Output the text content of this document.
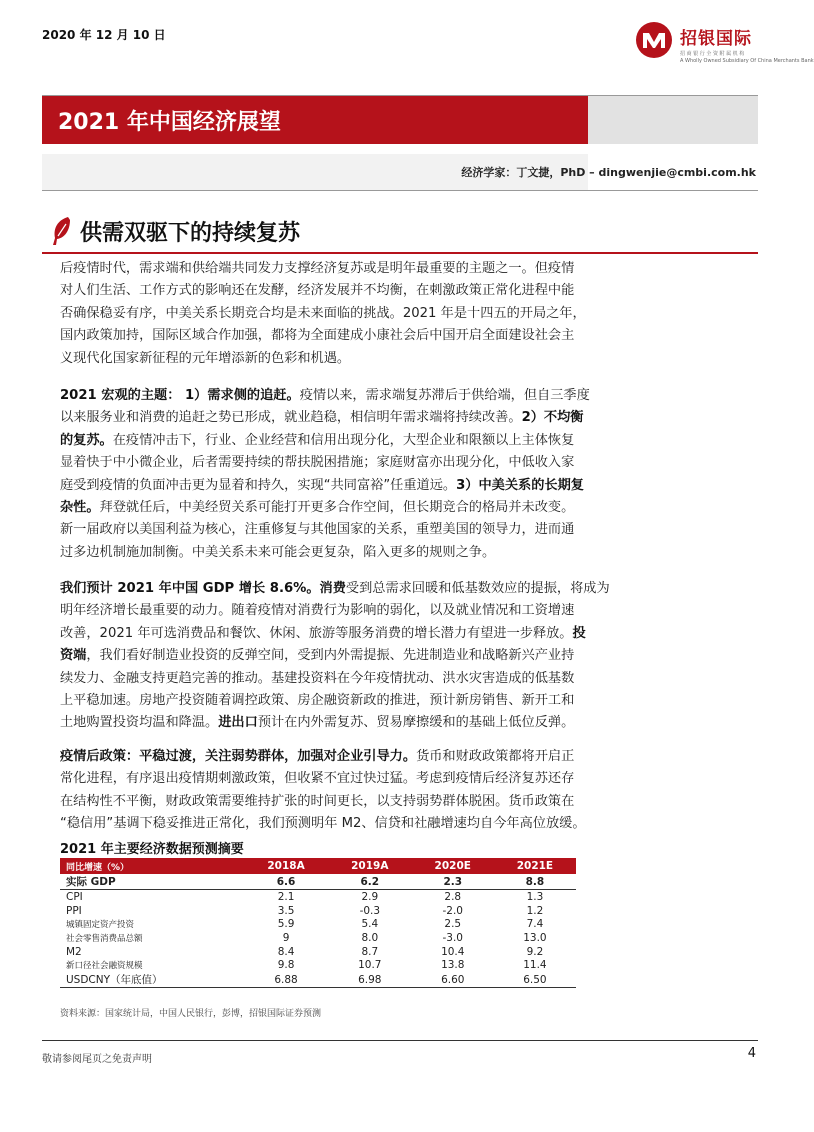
2020 年 12 月 10 日	招银国际
招 商 银 行 全 资 附 属 机 构
A Wholly Owned Subsidiary Of China Merchants Bank
2021 年中国经济展望
经济学家：丁文捷，PhD – dingwenjie@cmbi.com.hk
供需双驱下的持续复苏
后疫情时代，需求端和供给端共同发力支撑经济复苏或是明年最重要的主题之一。但疫情
对人们生活、工作方式的影响还在发酵，经济发展并不均衡，在刺激政策正常化进程中能
否确保稳妥有序，中美关系长期竞合均是未来面临的挑战。2021 年是十四五的开局之年，
国内政策加持，国际区域合作加强，都将为全面建成小康社会后中国开启全面建设社会主
义现代化国家新征程的元年增添新的色彩和机遇。
2021 宏观的主题： 1）需求侧的追赶。疫情以来，需求端复苏滞后于供给端，但自三季度
以来服务业和消费的追赶之势已形成，就业趋稳，相信明年需求端将持续改善。2）不均衡
的复苏。在疫情冲击下，行业、企业经营和信用出现分化，大型企业和限额以上主体恢复
显着快于中小微企业，后者需要持续的帮扶脱困措施；家庭财富亦出现分化，中低收入家
庭受到疫情的负面冲击更为显着和持久，实现“共同富裕”任重道远。3）中美关系的长期复
杂性。拜登就任后，中美经贸关系可能打开更多合作空间，但长期竞合的格局并未改变。
新一届政府以美国利益为核心，注重修复与其他国家的关系，重塑美国的领导力，进而通
过多边机制施加制衡。中美关系未来可能会更复杂，陷入更多的规则之争。
我们预计 2021 年中国 GDP 增长 8.6%。消费受到总需求回暖和低基数效应的提振，将成为
明年经济增长最重要的动力。随着疫情对消费行为影响的弱化，以及就业情况和工资增速
改善，2021 年可选消费品和餐饮、休闲、旅游等服务消费的增长潜力有望进一步释放。投
资端，我们看好制造业投资的反弹空间，受到内外需提振、先进制造业和战略新兴产业持
续发力、金融支持更趋完善的推动。基建投资料在今年疫情扰动、洪水灾害造成的低基数
上平稳加速。房地产投资随着调控政策、房企融资新政的推进，预计新房销售、新开工和
土地购置投资均温和降温。进出口预计在内外需复苏、贸易摩擦缓和的基础上低位反弹。
疫情后政策：平稳过渡，关注弱势群体，加强对企业引导力。货币和财政政策都将开启正
常化进程，有序退出疫情期刺激政策，但收紧不宜过快过猛。考虑到疫情后经济复苏还存
在结构性不平衡，财政政策需要维持扩张的时间更长，以支持弱势群体脱困。货币政策在
“稳信用”基调下稳妥推进正常化，我们预测明年 M2、信贷和社融增速均自今年高位放缓。
2021 年主要经济数据预测摘要
同比增速（%）	2018A	2019A	2020E	2021E
实际 GDP	6.6	6.2	2.3	8.8
CPI	2.1	2.9	2.8	1.3
PPI	3.5	-0.3	-2.0	1.2
城镇固定资产投资	5.9	5.4	2.5	7.4
社会零售消费品总额	9	8.0	-3.0	13.0
M2	8.4	8.7	10.4	9.2
新口径社会融资规模	9.8	10.7	13.8	11.4
USDCNY（年底值）	6.88	6.98	6.60	6.50
资料来源：国家统计局，中国人民银行，彭博，招银国际证券预测
敬请参阅尾页之免责声明	4
